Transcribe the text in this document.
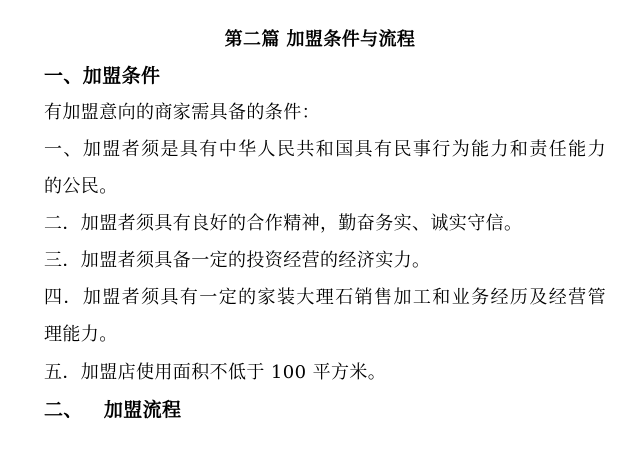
第二篇 加盟条件与流程
一、加盟条件
有加盟意向的商家需具备的条件：
一、加盟者须是具有中华人民共和国具有民事行为能力和责任能力
的公民。
二．加盟者须具有良好的合作精神，勤奋务实、诚实守信。
三．加盟者须具备一定的投资经营的经济实力。
四．加盟者须具有一定的家装大理石销售加工和业务经历及经营管
理能力。
五．加盟店使用面积不低于 100 平方米。
二、   加盟流程
